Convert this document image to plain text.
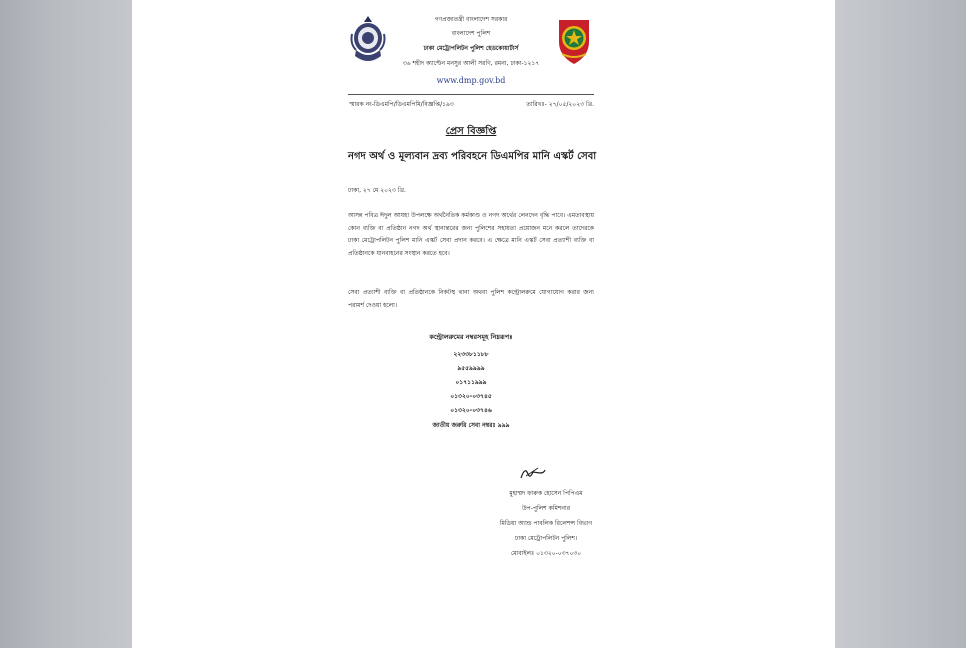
গণপ্রজাতন্ত্রী বাংলাদেশ সরকার
বাংলাদেশ পুলিশ
ঢাকা মেট্রোপলিটন পুলিশ হেডকোয়ার্টার্স
৩৬ শহীদ ক্যাপ্টেন মনসুর আলী সরণি, রমনা, ঢাকা-১২১৭
www.dmp.gov.bd
স্মারক নং-ডিএমপি/ডিএমপিমি/বিজ্ঞপ্তি/১৯৩	তারিখঃ- ২৭/০৫/২০২৩ খ্রি.
প্রেস বিজ্ঞপ্তি
নগদ অর্থ ও মূল্যবান দ্রব্য পরিবহনে ডিএমপির মানি এস্কর্ট সেবা
ঢাকা, ২৭ মে ২০২৩ খ্রি.
আসন্ন পবিত্র ঈদুল আযহা উপলক্ষে অর্থনৈতিক কর্মকাণ্ড ও নগদ অর্থের লেনদেন বৃদ্ধি পাবে। এমতাবস্থায় কোন ব্যক্তি বা প্রতিষ্ঠান নগদ অর্থ স্থানান্তরের জন্য পুলিশের সহায়তা প্রয়োজন মনে করলে তাদেরকে ঢাকা মেট্রোপলিটন পুলিশ মানি এস্কর্ট সেবা প্রদান করবে। এ ক্ষেত্রে মানি এস্কর্ট সেবা প্রত্যাশী ব্যক্তি বা প্রতিষ্ঠানকে যানবাহনের সংস্থান করতে হবে।
সেবা প্রত্যাশী ব্যক্তি বা প্রতিষ্ঠানকে নিকটস্থ থানা অথবা পুলিশ কন্ট্রোলরুমে যোগাযোগ করার জন্য পরামর্শ দেওয়া হলো।
কন্ট্রোলরুমের নম্বরসমূহ নিম্নরূপঃ
২২৩৩৮১১৮৮
৯৫৫৯৯৯৯
০১৭১১৯৯৯
০১৩২০-০৩৭৪৫
০১৩২০-০৩৭৪৬
জাতীয় জরুরি সেবা নম্বরঃ ৯৯৯
মুহাম্মদ ফারুক হোসেন পিপিএম
উপ-পুলিশ কমিশনার
মিডিয়া অ্যান্ড পাবলিক রিলেশন্স বিভাগ
ঢাকা মেট্রোপলিটন পুলিশ।
মোবাইলঃ ০১৩২০-০৩৭০৩০
